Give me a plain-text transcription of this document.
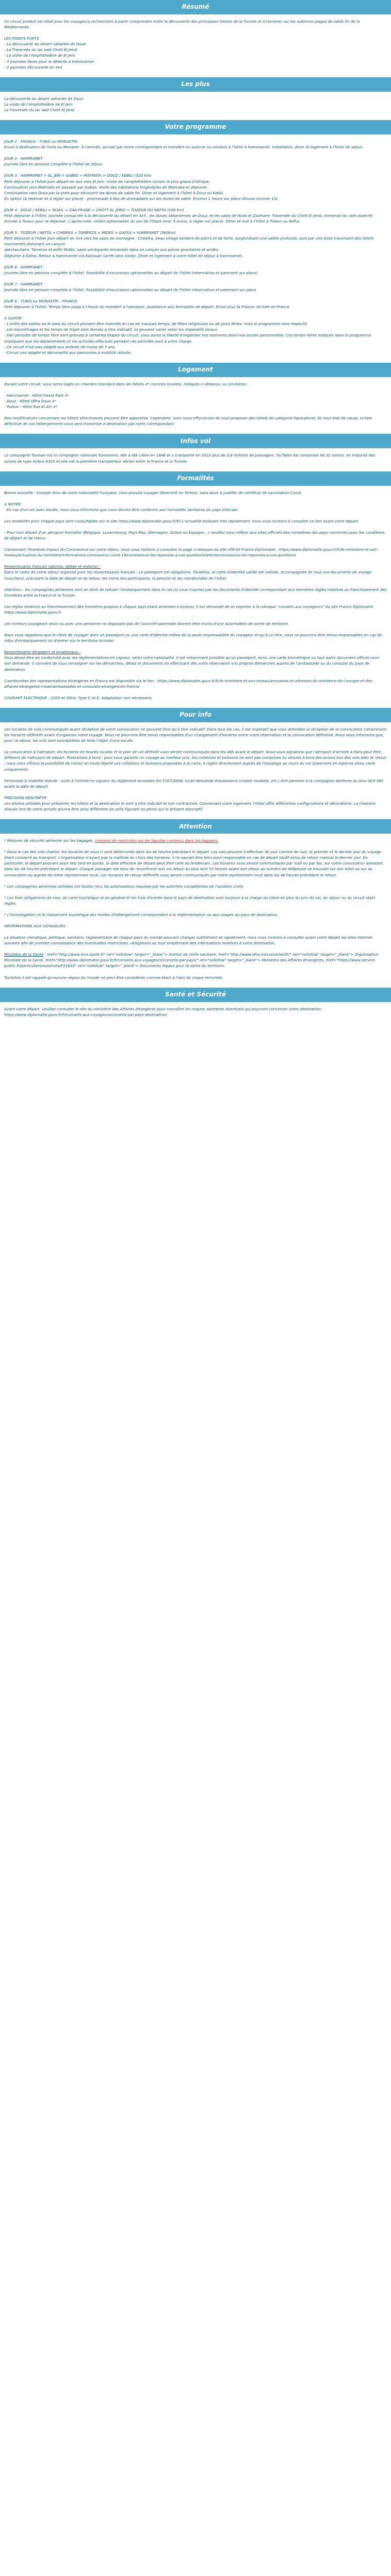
Résumé

Ce circuit produit est idéal pour les voyageurs recherchent à partir comprendre entre la découverte des principaux trésors de la Tunisie et à terminer sur les sublimes plages de sable fin de la Méditerranée.

LES POINTS FORTS
- La découverte du désert saharien de Douz
- La Traversée du lac salé Chott El Jerid
- La visite de l'Amphithéâtre de El Jem
- 3 journées libres pour le détente à Hammamet
- 2 journées découverte en 4x4

Les plus

La découverte du désert saharien de Douz
La visite de l'Amphithéâtre de El Jem
La Traversée du lac salé Chott El Jerid

Votre programme

JOUR 1 : FRANCE - TUNIS ou MONASTIR
Envol à destination de Tunis ou Monastir. À l'arrivée, accueil par notre correspondant et transfert en autocar ou minibus à l'hôtel à Hammamet. Installation, dîner et logement à l'hôtel de séjour.

JOUR 2 : HAMMAMET
Journée libre en pension complète à l'hôtel de séjour.

JOUR 3 : HAMMAMET > EL JEM > GABES > MATMATA > DOUZ / KEBILI (520 km)
Petit déjeuner à l'hôtel puis départ en 4x4 vers El Jem. Visite de l'amphithéâtre romain le plus grand d'Afrique.
Continuation vers Matmata en passant par Gabes. Visite des habitations troglodytes de Matmata et déjeuner.
Continuation vers Douz par la piste pour découvrir les dunes de sable fin. Dîner et logement à l'hôtel à Douz ou Kebili.
En option (à réserver et à régler sur place) : promenade à dos de dromadaire sur les dunes de sable. Environ 1 heure sur place (Douze environ 1h).

JOUR 4 : DOUZ / KEBILI > NOAIL > ZAA-FRANE > CHOTT EL JERID > TOZEUR OU NEFTA (150 km)
Petit déjeuner à l'hôtel. Journée consacrée à la découverte du désert en 4x4 : les dunes sahariennes de Douz, et les oasis de Noail et Zaafrane. Traversée du Chott El Jerid, immense lac salé asséché. Arrivée à Tozeur pour le déjeuner. L'après-midi, visites optionnelles du zoo de l'Oasis (env. 5 euros, à régler sur place). Dîner et nuit à l'hôtel à Tozeur ou Nefta.

JOUR 5 : TOZEUR / NEFTA > CHEBIKA > TAMERZA > MIDES > GAFSA > HAMMAMET (560km)
Petit déjeuner à l'hôtel puis départ en 4x4 vers les oasis de montagne : Chebika, beau village berbère de pierre et de terre, surplombant une vallée profonde, puis par une piste traversant des reliefs tourmentés dominant un canyon
spectaculaire. Tamerza et enfin Mides, oasis verdoyante encaissée dans un canyon aux parois gravitaires et arides.
Déjeuner à Gafsa. Retour à Hammamet via Kairouan (arrêt sans visite). Dîner et logement à votre hôtel de séjour à Hammamet.

JOUR 6 : HAMMAMET
Journée libre en pension complète à l'hôtel. Possibilité d'excursions optionnelles au départ de l'hôtel (réservation et paiement sur place)

JOUR 7 : HAMMAMET
Journée libre en pension complète à l'hôtel. Possibilité d'excursions optionnelles au départ de l'hôtel (réservation et paiement sur place

JOUR 8 : TUNIS ou MONASTIR - FRANCE
Petit déjeuner à l'hôtel. Temps libre jusqu'à l'heure du transfert à l'aéroport. Assistance aux formalités de départ. Envol pour la France. Arrivée en France.

A SAVOIR
- L'ordre des visites ou le sens du circuit peuvent être inversés en cas de mauvais temps, de fêtes religieuses ou de jours fériés, mais le programme sera respecté.
- Les kilométrages et les temps de trajet sont donnés à titre indicatif, ils peuvent varier selon les impératifs locaux.
- Des périodes de temps libre sont prévues à certaines étapes du circuit, vous aurez la liberté d'organiser vos moments selon vos envies personnelles. Ces temps libres indiqués dans le programme impliquent que les déplacements et les activités effectués pendant ces périodes sont à votre charge.
- Ce circuit n'est pas adapté aux enfants de moins de 7 ans.
- Circuit non adapté et déconseillé aux personnes à mobilité réduite.

Logement

Durant votre circuit, vous serez logés en chambre standard dans les hôtels 4* (normes locales), indiqués ci-dessous, ou similaires :

- Hammamet : Hôtel Fiesta Park 4*
- Douz : Hôtel Offra Douz 4*
- Tozeur : Hôtel Ras El Aïn 4*

Des modifications concernant les hôtels sélectionnés peuvent être apportées. Cependant, nous nous efforcerons de vous proposer des hôtels de catégorie équivalente. En tout état de cause, la liste définitive de vos hébergements vous sera transmise à destination par notre correspondant.

Infos vol

La compagnie Tunisair est la compagnie nationale Tunisienne, elle a été créée en 1948 et a transporté en 2010 plus de 3,8 millions de passagers. Sa flotte est composée de 32 avions, en majorité des avions de type Airbus A320 et elle est la première transporteur aérien entre la France et la Tunisie.

Formalités

Bonne nouvelle : Compte tenu de votre nationalité française, vous pouvez voyager librement en Tunisie, sans avoir à justifier de certificat de vaccination Covid.

A NOTER
- En cas d'un vol avec escale, nous vous informons que vous devrez être conforme aux formalités sanitaires du pays d'escale.

Les modalités pour chaque pays sont consultables sur le site https://www.diplomatie.gouv.fr/fr/ L'actualité évoluant très rapidement, nous vous invitons à consulter ce lien avant votre départ.

- Pour tout départ d'un aéroport frontalier (Belgique, Luxembourg, Pays-Bas, Allemagne, Suisse ou Espagne...) veuillez vous référer aux sites officiels des ministères des pays concernés pour les conditions de départ et de retour.

Concernant l'éventuel impact du Coronavirus sur votre séjour, nous vous invitons à consulter la page ci-dessous du site officiel France Diplomatie : https://www.diplomatie.gouv.fr/fr/le-ministere-et-son-reseau/actualites-du-ministere/informations-coronavirus-covid-19/coronavirus-les-reponses-a-vos-questions/article/coronavirus-les-reponses-a-vos-questions

Ressortissants français (adultes, bébés et enfants) :
Dans le cadre de votre séjour organisé pour les ressortissants français : Le passeport est obligatoire. Toutefois, la carte d'identité valide est tolérée, accompagnée de tous vos documents de voyage (vouchers), précisant la date de départ et de retour, les noms des participants, la pension et les coordonnées de l'hôtel.

Attention : les compagnies aériennes sont en droit de refuser l'embarquement dans le cas où vous n'auriez pas les documents d'identité correspondant aux dernières règles relatives au franchissement des frontières entre la France et la Tunisie.

Les règles relatives au franchissement des frontières propres à chaque pays étant amenées à évoluer, il est demandé de se reporter à la rubrique "conseils aux voyageurs" du site France Diplomatie, https://www.diplomatie.gouv.fr

Les mineurs voyageant seuls ou avec une personne ne disposant pas de l'autorité parentale doivent être munis d'une autorisation de sortie de territoire.

Nous vous rappelons que le choix de voyager avec un passeport ou une carte d'identité relève de la seule responsabilité du voyageur et qu'à ce titre, nous ne pourrons être tenus responsables en cas de refus d'embarquement ou d'entrer sur le territoire tunisien.

Ressortissants étrangers et binationaux :
Vous devez être en conformité avec les réglementations en vigueur, selon votre nationalité. Il est notamment possible qu'un passeport, et/ou une carte biométrique ou tout autre document officiel vous soit demandé. Il convient de vous renseigner sur les démarches, délais et documents en effectuant dès votre réservation vos propres démarches auprès de l'ambassade ou du consulat du pays de destination.

Coordonnées des représentations étrangères en France est disponible via le lien : https://www.diplomatie.gouv.fr/fr/le-ministere-et-son-reseau/annuaires-et-adresses-du-ministere-de-l-europe-et-des-affaires-etrangeres-meae/ambassades-et-consulats-etrangers-en-france/

COURANT ÉLECTRIQUE : 220V et 50Hz. Type C et E. Adaptateur non nécessaire.

Pour info

Les horaires de vols communiqués avant réception de votre convocation ne peuvent être qu'à titre indicatif. Dans tous les cas, il est impératif que vous attendiez la réception de la convocation comprenant les horaires définitifs avant d'organiser votre voyage. Nous ne pourrons être tenus responsables d'un changement d'horaires entre votre réservation et la convocation définitive. Nous vous informons que, pour ce séjour, les vols sont susceptibles de faire l'objet d'une escale.

La convocation à l'aéroport, les horaires en heures locales et le plan de vol définitif vous seront communiqués dans les 48h avant le départ. Nous vous signalons que l'aéroport d'arrivée à Paris peut être différent de l'aéroport de départ. Prestations à bord : pour vous garantir un voyage au meilleur prix, les collations et boissons ne sont pas comprises ou servies à bord des avions lors des vols aller et retour ; nous vous offrons la possibilité de choisir en toute liberté vos collations et boissons proposées à la carte, à régler directement auprès de l'équipage au cours du vol (paiement en espèces et/ou carte uniquement).

Personnes à mobilité réduite : suite à l'entrée en vigueur du règlement européen EU 1107/2006, toute demande d'assistance (chaise roulante, etc.) doit parvenir à la compagnie aérienne au plus tard 48h avant la date de départ.

PRÉCISION DESCRIPTIF
Les photos utilisées pour présenter les hôtels et la destination le sont à titre indicatif et non contractuel. Concernant votre logement, l'hôtel offre différentes configurations et décorations. La chambre allouée lors de votre arrivée pourra être ainsi différente de celle figurant en photo sur le présent descriptif.

Attention

* Mesures de sécurité aérienne sur les bagages, mesures de restriction sur les liquides contenus dans les bagages.

* Dans le cas des vols charter, les horaires de vous ci sont déterminés dans les 48 heures précédant le départ. Les vols peuvent s'effectuer de jour comme de nuit, le premier et le dernier jour du voyage étant consacré au transport. L'organisateur n'ayant pas la maîtrise du choix des horaires, il ne saurait être tenu pour responsable en cas de départ tardif et/ou de retour matinal le dernier jour. En particulier, le départ pouvant avoir lieu tard en soirée, la date effective de départ peut être celle du lendemain. Les horaires vous seront communiqués par mail ou par fax, sur votre convocation adressée dans les 48 heures précédant le départ. Chaque passager est tenu de reconfirmer son vol retour au plus tard 72 heures avant son retour au numéro de téléphone se trouvant sur son billet ou sur sa convocation ou auprès de notre représentant local. Les horaires de retour définitifs vous seront communiqués par notre représentant local dans les 48 heures précédant le retour.

* Les compagnies aériennes utilisées ont toutes reçu les autorisations requises par les autorités compétentes de l'aviation civile.

* Les frais obligatoires de visa, de carte touristique et en général et les frais d'entrée dans le pays de destination sont toujours à la charge du client en plus du prix du vol, du séjour ou du circuit objet réglés.

* L'homologation et le classement touristique des modes d'hébergement correspondent à la réglementation ou aux usages du pays de destination.

INFORMATIONS AUX VOYAGEURS :

La situation climatique, politique, sanitaire, réglementaire de chaque pays du monde pouvant changer subitement et rapidement, nous vous invitons à consulter avant votre départ les sites Internet suivants afin de prendre connaissance des éventuelles restrictions, obligations ou tout simplement des informations relatives à votre destination.

Ministère de la Santé : href="http://www.invs.sante.fr" rel="nofollow" target="_blank"> Institut de veille sanitaire, href="http://www.who.int/countries/fr/" rel="nofollow" target="_blank"> Organisation Mondiale de la Santé, href="http://www.diplomatie.gouv.fr/fr/conseils-aux-voyageurs/conseils-par-pays/" rel="nofollow" target="_blank"> Ministère des Affaires Etrangères, href="https://www.service-public.fr/particuliers/vosdroits/F21833" rel="nofollow" target="_blank"> Documents légaux pour la sortie du territoire.

Toutefois il est rappelé qu'aucune région du monde ne peut être considérée comme étant à l'abri du risque terroriste.

Santé et Sécurité

Avant votre départ, veuillez consulter le site du ministère des Affaires étrangères pour connaître les risques sanitaires éventuels qui pourront concerner votre destination : https://www.diplomatie.gouv.fr/fr/conseils-aux-voyageurs/conseils-par-pays-destination/
